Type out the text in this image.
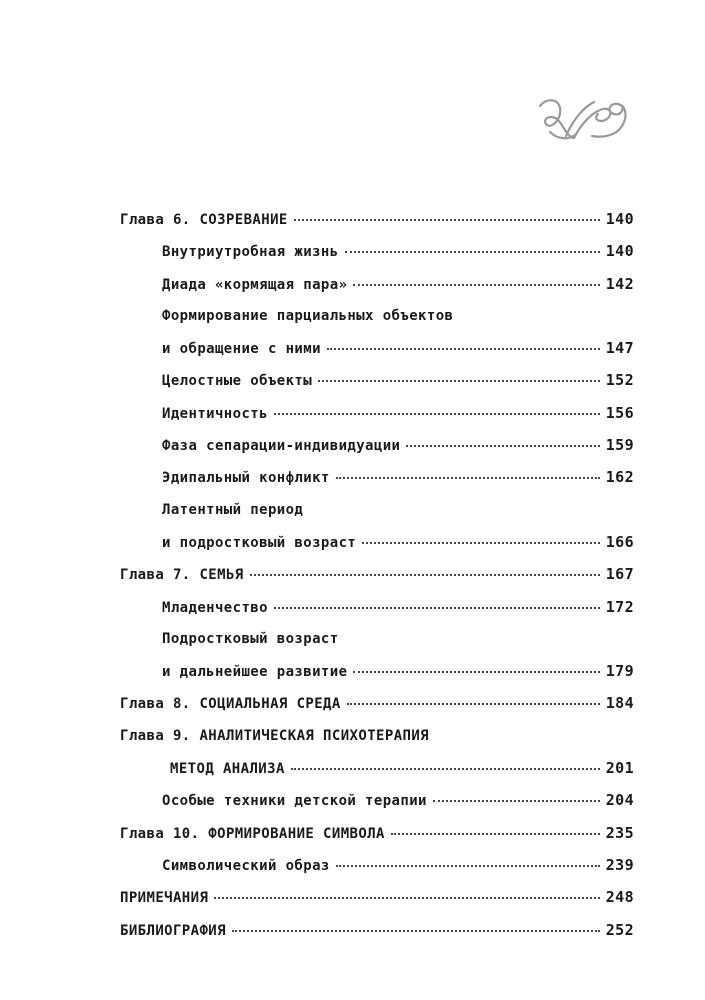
Глава 6. СОЗРЕВАНИЕ	140
Внутриутробная жизнь	140
Диада «кормящая пара»	142
Формирование парциальных объектов
и обращение с ними	147
Целостные объекты	152
Идентичность	156
Фаза сепарации-индивидуации	159
Эдипальный конфликт	162
Латентный период
и подростковый возраст	166
Глава 7. СЕМЬЯ	167
Младенчество	172
Подростковый возраст
и дальнейшее развитие	179
Глава 8. СОЦИАЛЬНАЯ СРЕДА	184
Глава 9. АНАЛИТИЧЕСКАЯ ПСИХОТЕРАПИЯ
МЕТОД АНАЛИЗА	201
Особые техники детской терапии	204
Глава 10. ФОРМИРОВАНИЕ СИМВОЛА	235
Символический образ	239
ПРИМЕЧАНИЯ	248
БИБЛИОГРАФИЯ	252
